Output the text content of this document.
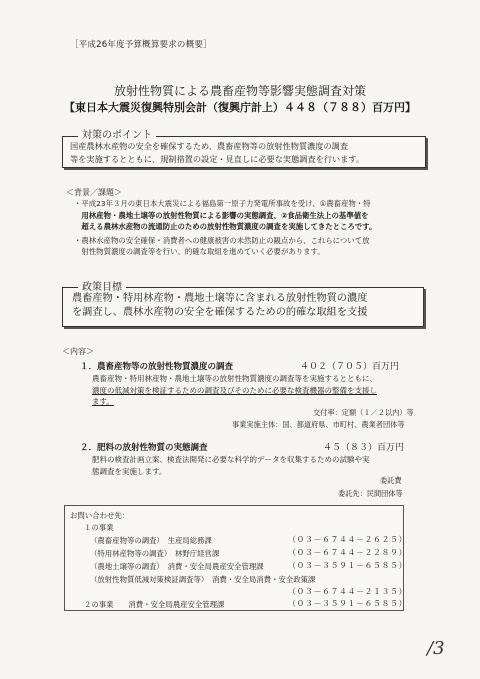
［平成26年度予算概算要求の概要］
放射性物質による農畜産物等影響実態調査対策
【東日本大震災復興特別会計（復興庁計上）４４８（７８８）百万円】
対策のポイント
国産農林水産物の安全を確保するため、農畜産物等の放射性物質濃度の調査
等を実施するとともに、規制措置の設定・見直しに必要な実態調査を行います。
＜背景／課題＞
・平成23年３月の東日本大震災による福島第一原子力発電所事故を受け、①農畜産物・特
　用林産物・農地土壌等の放射性物質による影響の実態調査、②食品衛生法上の基準値を
　超える農林水産物の流通防止のための放射性物質濃度の調査を実施してきたところです。
・農林水産物の安全確保・消費者への健康被害の未然防止の観点から、これらについて放
　射性物質濃度の調査等を行い、的確な取組を進めていく必要があります。
政策目標
農畜産物・特用林産物・農地土壌等に含まれる放射性物質の濃度
を調査し、農林水産物の安全を確保するための的確な取組を支援
＜内容＞
１．農畜産物等の放射性物質濃度の調査	４０２（７０５）百万円
農畜産物・特用林産物・農地土壌等の放射性物質濃度の調査等を実施するとともに、
濃度の低減対策を検証するための調査及びそのために必要な検査機器の整備を支援し
ます。
交付率：定額（１／２以内）等
事業実施主体：国、都道府県、市町村、農業者団体等
２．肥料の放射性物質の実態調査	４５（８３）百万円
肥料の検査計画立案、検査法開発に必要な科学的データを収集するための試験や実
態調査を実施します。
委託費
委託先：民間団体等
お問い合わせ先：
１の事業
（農畜産物等の調査）　生産局総務課	（０３－６７４４－２６２５）
（特用林産物等の調査）　林野庁経営課	（０３－６７４４－２２８９）
（農地土壌等の調査）　消費・安全局農産安全管理課	（０３－３５９１－６５８５）
（放射性物質低減対策検証調査等）　消費・安全局消費・安全政策課
（０３－６７４４－２１３５）
２の事業　　消費・安全局農産安全管理課	（０３－３５９１－６５８５）
/3
